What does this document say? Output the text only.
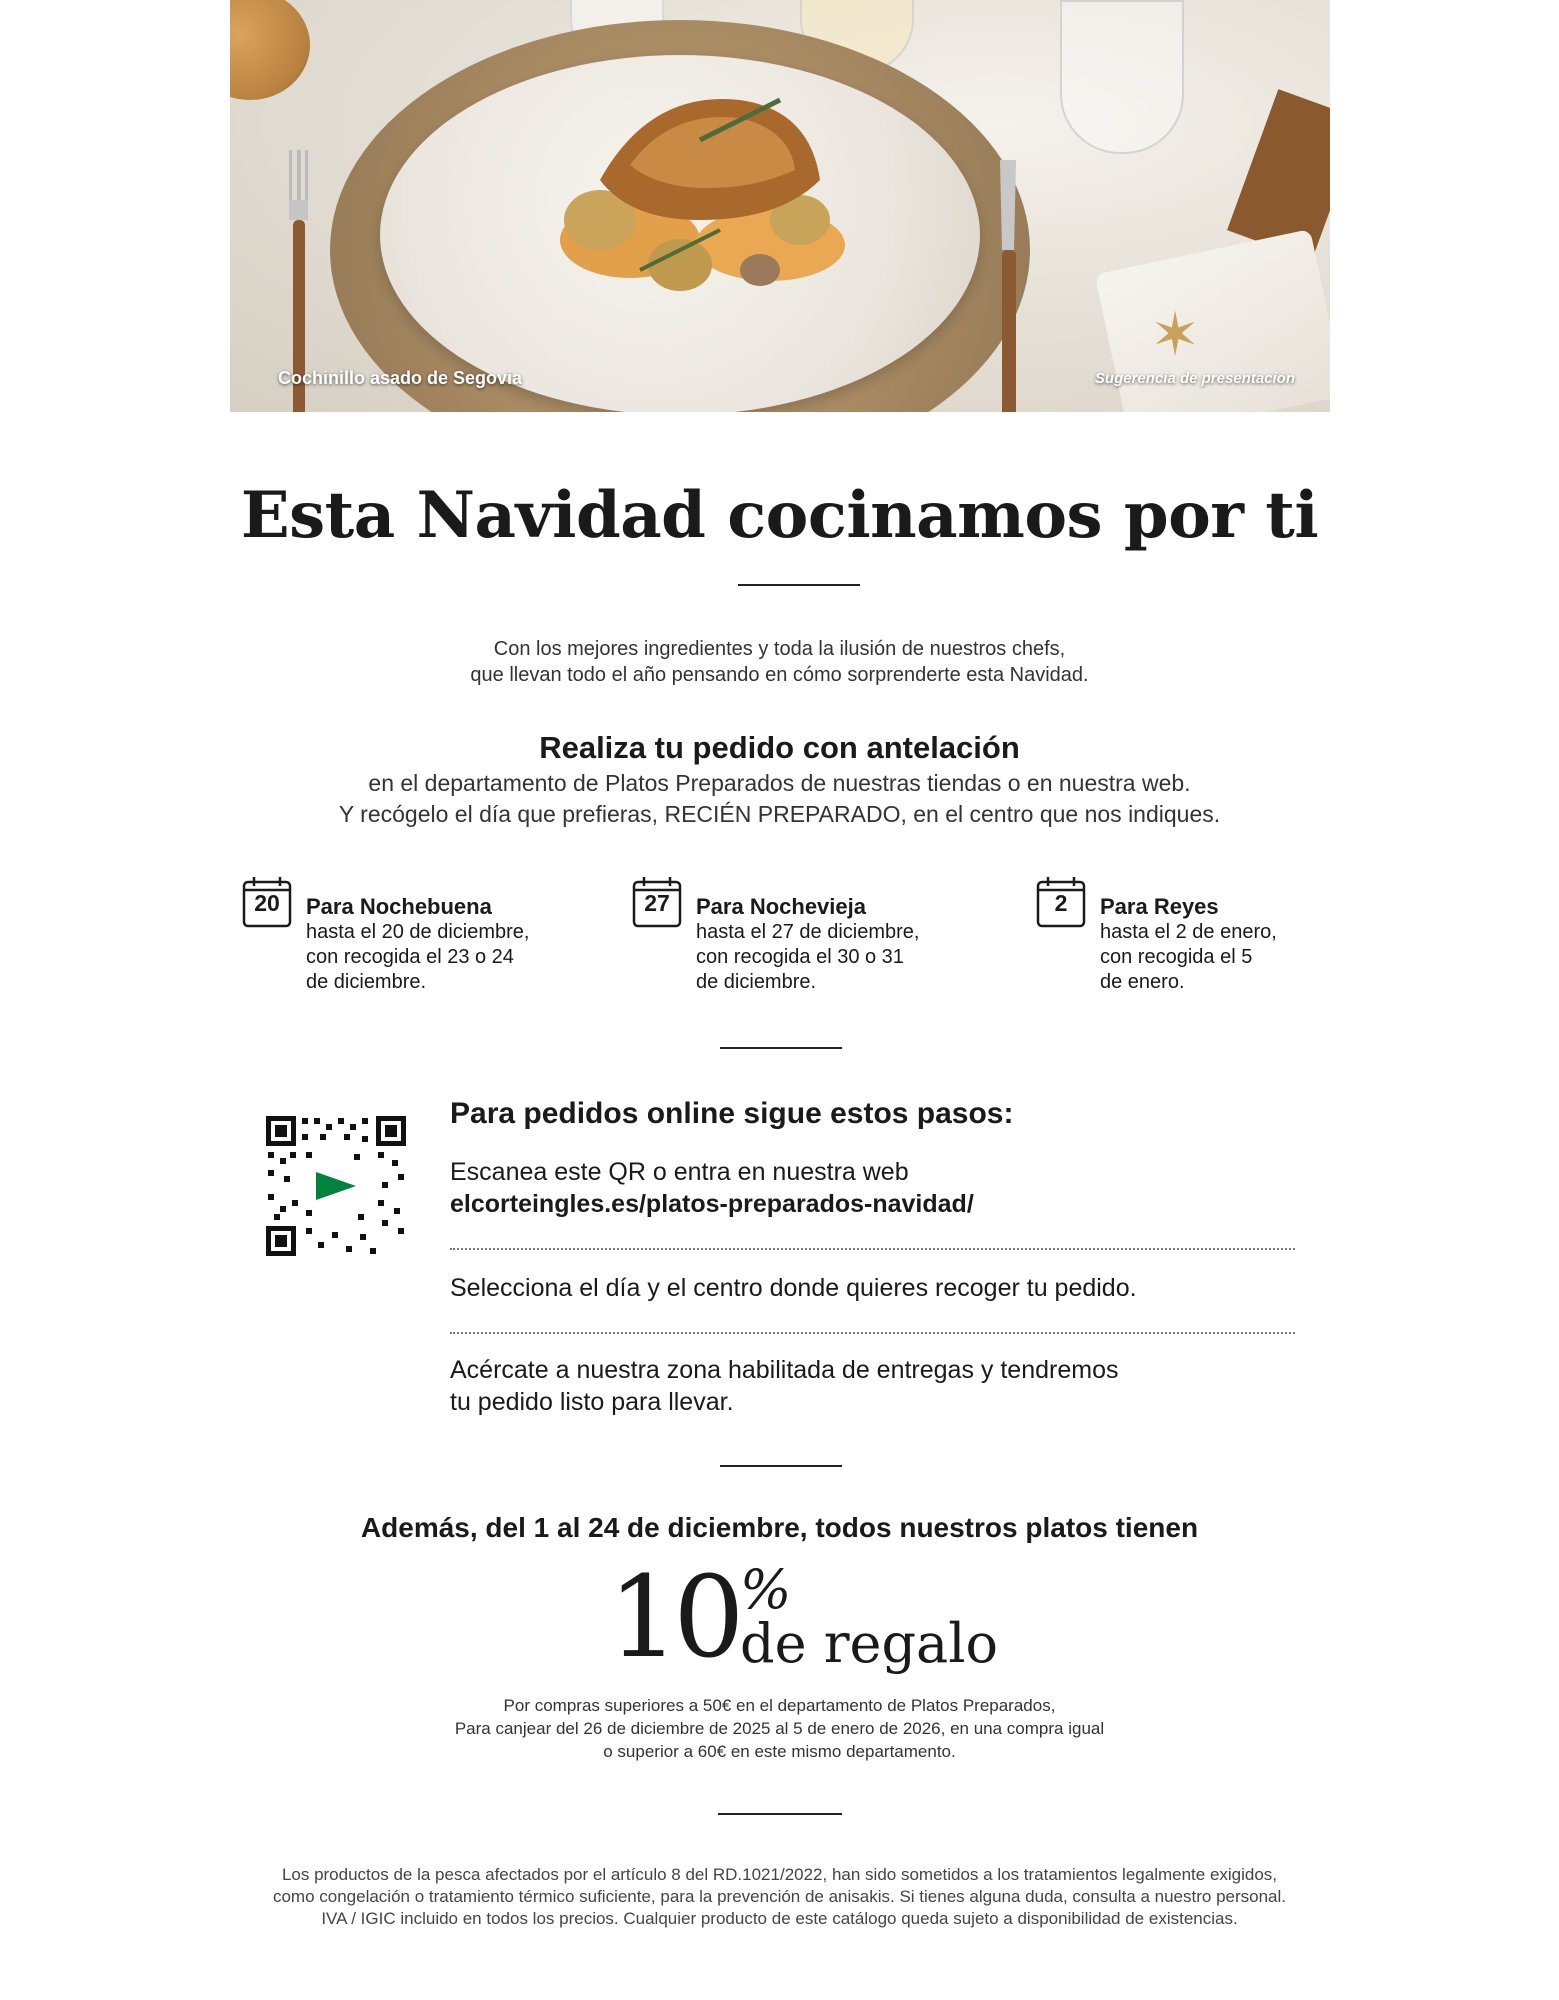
✶
Cochinillo asado de Segovia	Sugerencia de presentación
Esta Navidad cocinamos por ti
Con los mejores ingredientes y toda la ilusión de nuestros chefs,
que llevan todo el año pensando en cómo sorprenderte esta Navidad.
Realiza tu pedido con antelación
en el departamento de Platos Preparados de nuestras tiendas o en nuestra web.
Y recógelo el día que prefieras, RECIÉN PREPARADO, en el centro que nos indiques.
20	Para Nochebuena
hasta el 20 de diciembre,
con recogida el 23 o 24
de diciembre.
27	Para Nochevieja
hasta el 27 de diciembre,
con recogida el 30 o 31
de diciembre.
2	Para Reyes
hasta el 2 de enero,
con recogida el 5
de enero.
Para pedidos online sigue estos pasos:
Escanea este QR o entra en nuestra web
elcorteingles.es/platos-preparados-navidad/
Selecciona el día y el centro donde quieres recoger tu pedido.
Acércate a nuestra zona habilitada de entregas y tendremos
tu pedido listo para llevar.
Además, del 1 al 24 de diciembre, todos nuestros platos tienen
10 %
de regalo
Por compras superiores a 50€ en el departamento de Platos Preparados,
Para canjear del 26 de diciembre de 2025 al 5 de enero de 2026, en una compra igual
o superior a 60€ en este mismo departamento.
Los productos de la pesca afectados por el artículo 8 del RD.1021/2022, han sido sometidos a los tratamientos legalmente exigidos,
como congelación o tratamiento térmico suficiente, para la prevención de anisakis. Si tienes alguna duda, consulta a nuestro personal.
IVA / IGIC incluido en todos los precios. Cualquier producto de este catálogo queda sujeto a disponibilidad de existencias.
